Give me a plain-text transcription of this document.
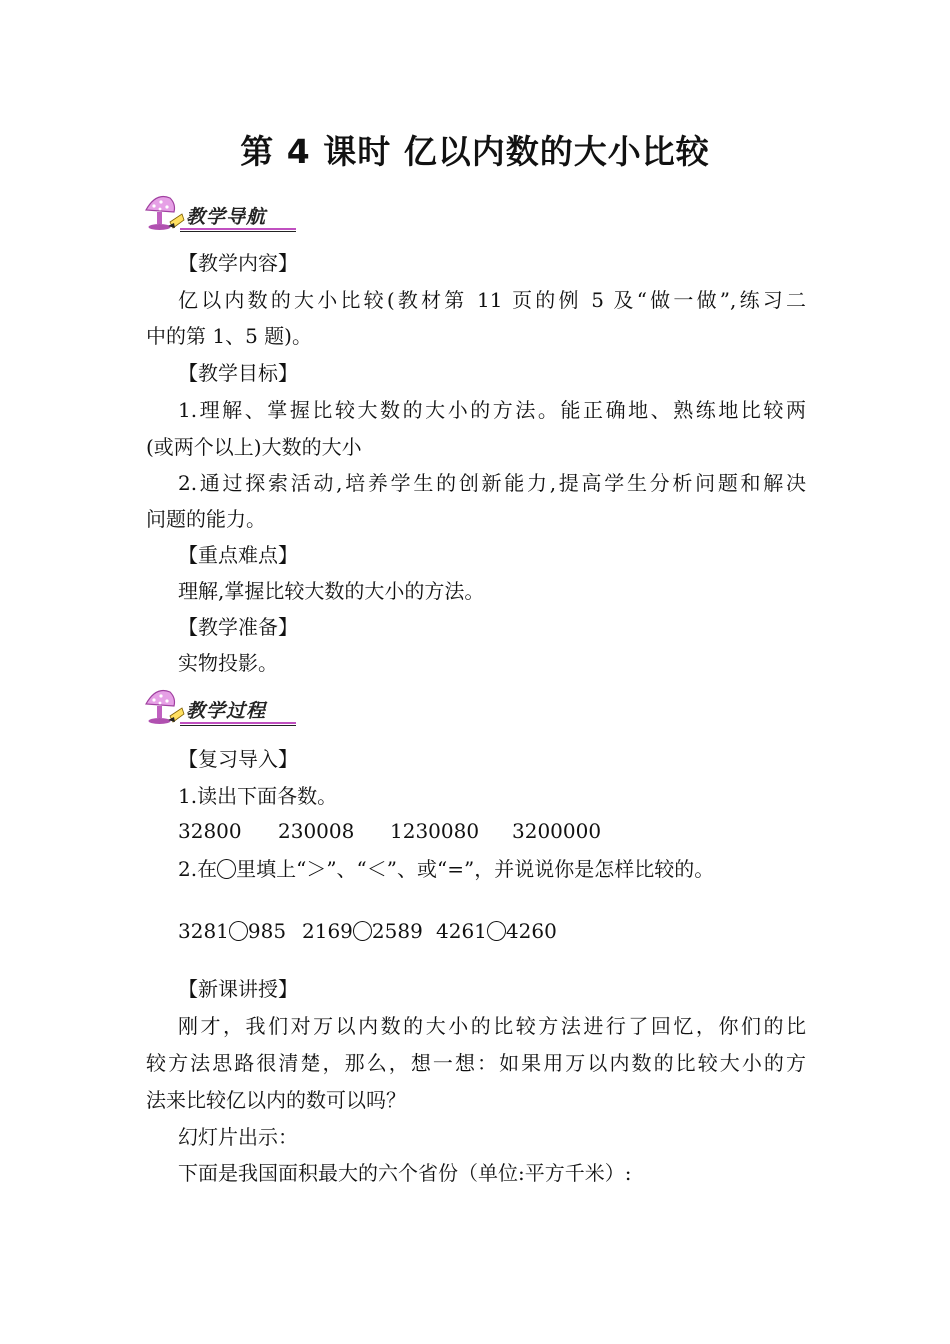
第 4 课时 亿以内数的大小比较
教学导航
【教学内容】
亿以内数的大小比较(教材第 11 页的例 5 及“做一做”,练习二
中的第 1、5 题)。
【教学目标】
1.理解、掌握比较大数的大小的方法。能正确地、熟练地比较两
(或两个以上)大数的大小
2.通过探索活动,培养学生的创新能力,提高学生分析问题和解决
问题的能力。
【重点难点】
理解,掌握比较大数的大小的方法。
【教学准备】
实物投影。
教学过程
【复习导入】
1.读出下面各数。
32800 230008 1230080 3200000
2.在 里填上“＞”、“＜”、或“=”，并说说你是怎样比较的。
3281 985 2169 2589 4261 4260
【新课讲授】
刚才，我们对万以内数的大小的比较方法进行了回忆，你们的比
较方法思路很清楚，那么，想一想：如果用万以内数的比较大小的方
法来比较亿以内的数可以吗？
幻灯片出示：
下面是我国面积最大的六个省份（单位:平方千米）:
